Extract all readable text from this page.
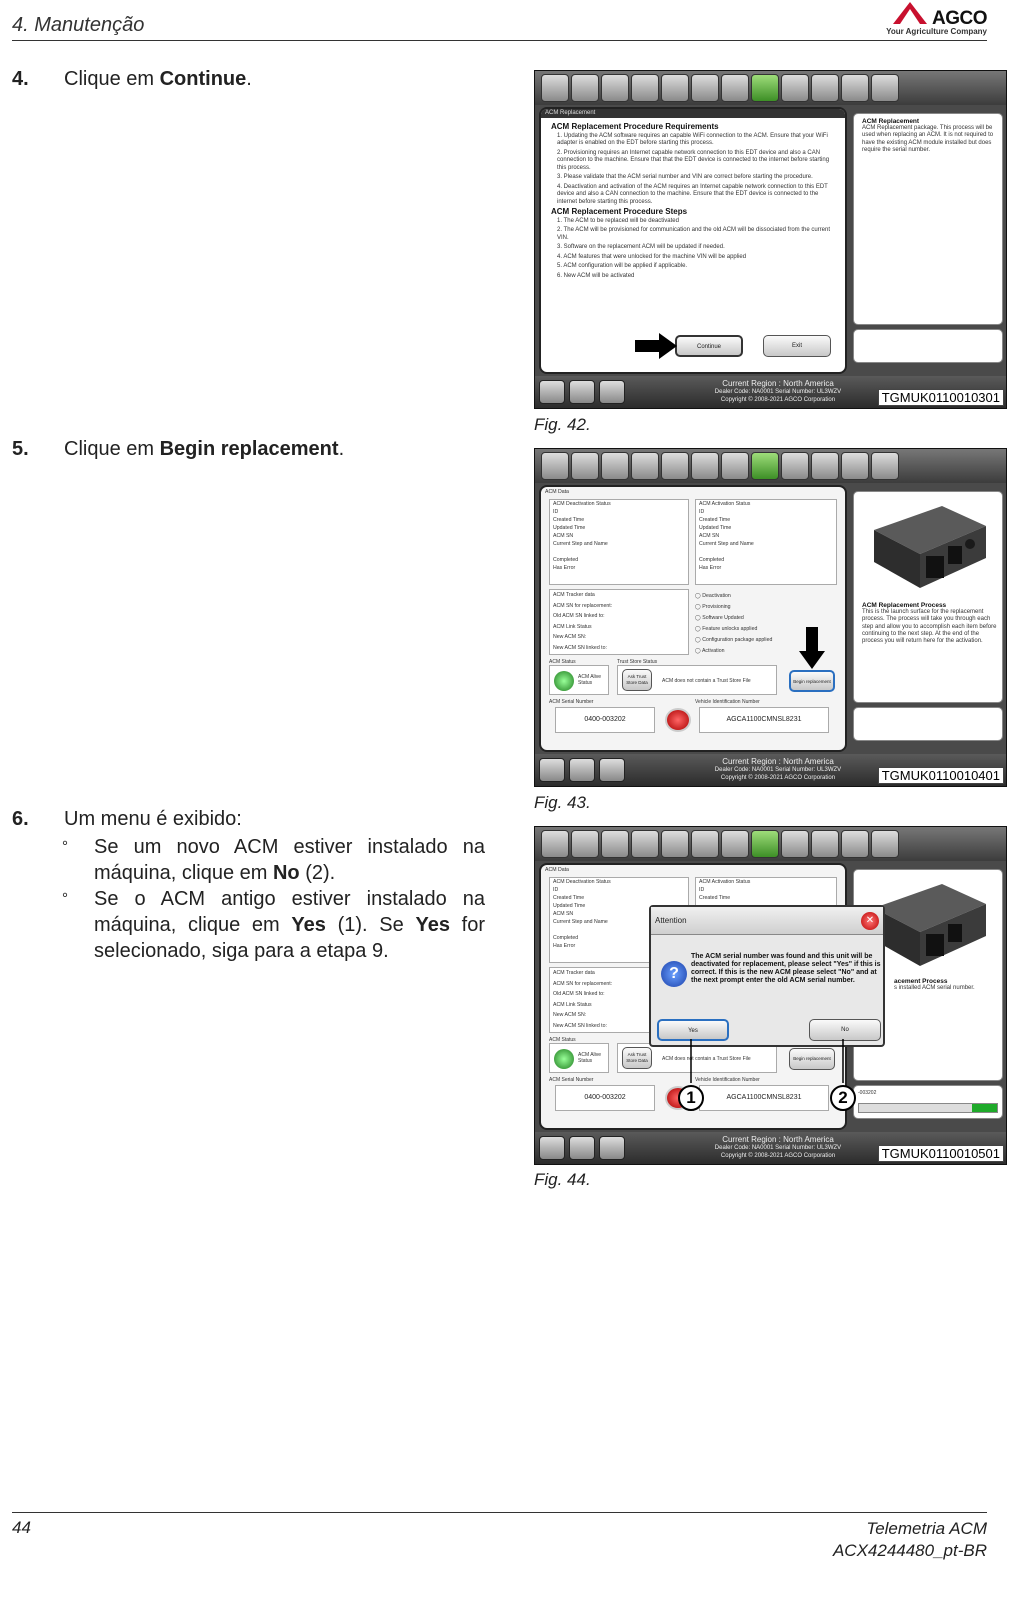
4. Manutenção	AGCO
Your Agriculture Company
4. Clique em Continue.
5. Clique em Begin replacement.
6. Um menu é exibido:
° Se um novo ACM estiver instalado na máquina, clique em No (2).
° Se o ACM antigo estiver instalado na máquina, clique em Yes (1). Se Yes for selecionado, siga para a etapa 9.
ACM Replacement
ACM Replacement Procedure Requirements

1. Updating the ACM software requires an capable WiFi connection to the ACM. Ensure that your WiFi adapter is enabled on the EDT before starting this process.

2. Provisioning requires an Internet capable network connection to this EDT device and also a CAN connection to the machine. Ensure that that the EDT device is connected to the internet before starting this process.

3. Please validate that the ACM serial number and VIN are correct before starting the procedure.

4. Deactivation and activation of the ACM requires an Internet capable network connection to this EDT device and also a CAN connection to the machine. Ensure that the EDT device is connected to the internet before starting this process.

ACM Replacement Procedure Steps

1. The ACM to be replaced will be deactivated

2. The ACM will be provisioned for communication and the old ACM will be dissociated from the current VIN.

3. Software on the replacement ACM will be updated if needed.

4. ACM features that were unlocked for the machine VIN will be applied

5. ACM configuration will be applied if applicable.

6. New ACM will be activated

Continue	Exit
ACM Replacement
ACM Replacement package. This process will be used when replacing an ACM. It is not required to have the existing ACM module installed but does require the serial number.
Current Region : North America
Dealer Code: NA0001 Serial Number: UL3WZV
Copyright © 2008-2021 AGCO Corporation	TGMUK0110010301
Fig. 42.
ACM Data
ACM Deactivation Status
ID
Created Time
Updated Time
ACM SN
Current Step and Name
Completed
Has Error
ACM Activation Status
ID
Created Time
Updated Time
ACM SN
Current Step and Name
Completed
Has Error
ACM Tracker data
ACM SN for replacement:
Old ACM SN linked to:
ACM Link Status
New ACM SN:
New ACM SN linked to:
◯ Deactivation
◯ Provisioning
◯ Software Updated
◯ Feature unlocks applied
◯ Configuration package applied
◯ Activation
ACM Status
ACM Alive Status
Trust Store Status
Ask Trust Store Data	ACM does not contain a Trust Store File	Begin replacement
ACM Serial Number
0400-003202
Vehicle Identification Number
AGCA1100CMNSL8231
ACM Replacement Process
This is the launch surface for the replacement process. The process will take you through each step and allow you to accomplish each item before continuing to the next step. At the end of the process you will return here for the activation.
Current Region : North America
Dealer Code: NA0001 Serial Number: UL3WZV
Copyright © 2008-2021 AGCO Corporation	TGMUK0110010401
Fig. 43.
ACM Data
ACM Deactivation Status
ID
Created Time
Updated Time
ACM SN
Current Step and Name
Completed
Has Error
ACM Activation Status
ID
Created Time
ACM Tracker data
ACM SN for replacement:
Old ACM SN linked to:
ACM Link Status
New ACM SN:
New ACM SN linked to:
ACM Status
ACM Alive Status
Ask Trust Store Data	ACM does not contain a Trust Store File	Begin replacement
ACM Serial Number
0400-003202
Vehicle Identification Number
AGCA1100CMNSL8231
acement Process
s installed ACM serial number.
-003202
Attention	✕
?
The ACM serial number was found and this unit will be deactivated for replacement, please select "Yes" if this is correct. If this is the new ACM please select "No" and at the next prompt enter the old ACM serial number.
Yes	No
1	2
Current Region : North America
Dealer Code: NA0001 Serial Number: UL3WZV
Copyright © 2008-2021 AGCO Corporation	TGMUK0110010501
Fig. 44.
44	Telemetria ACM
ACX4244480_pt-BR
